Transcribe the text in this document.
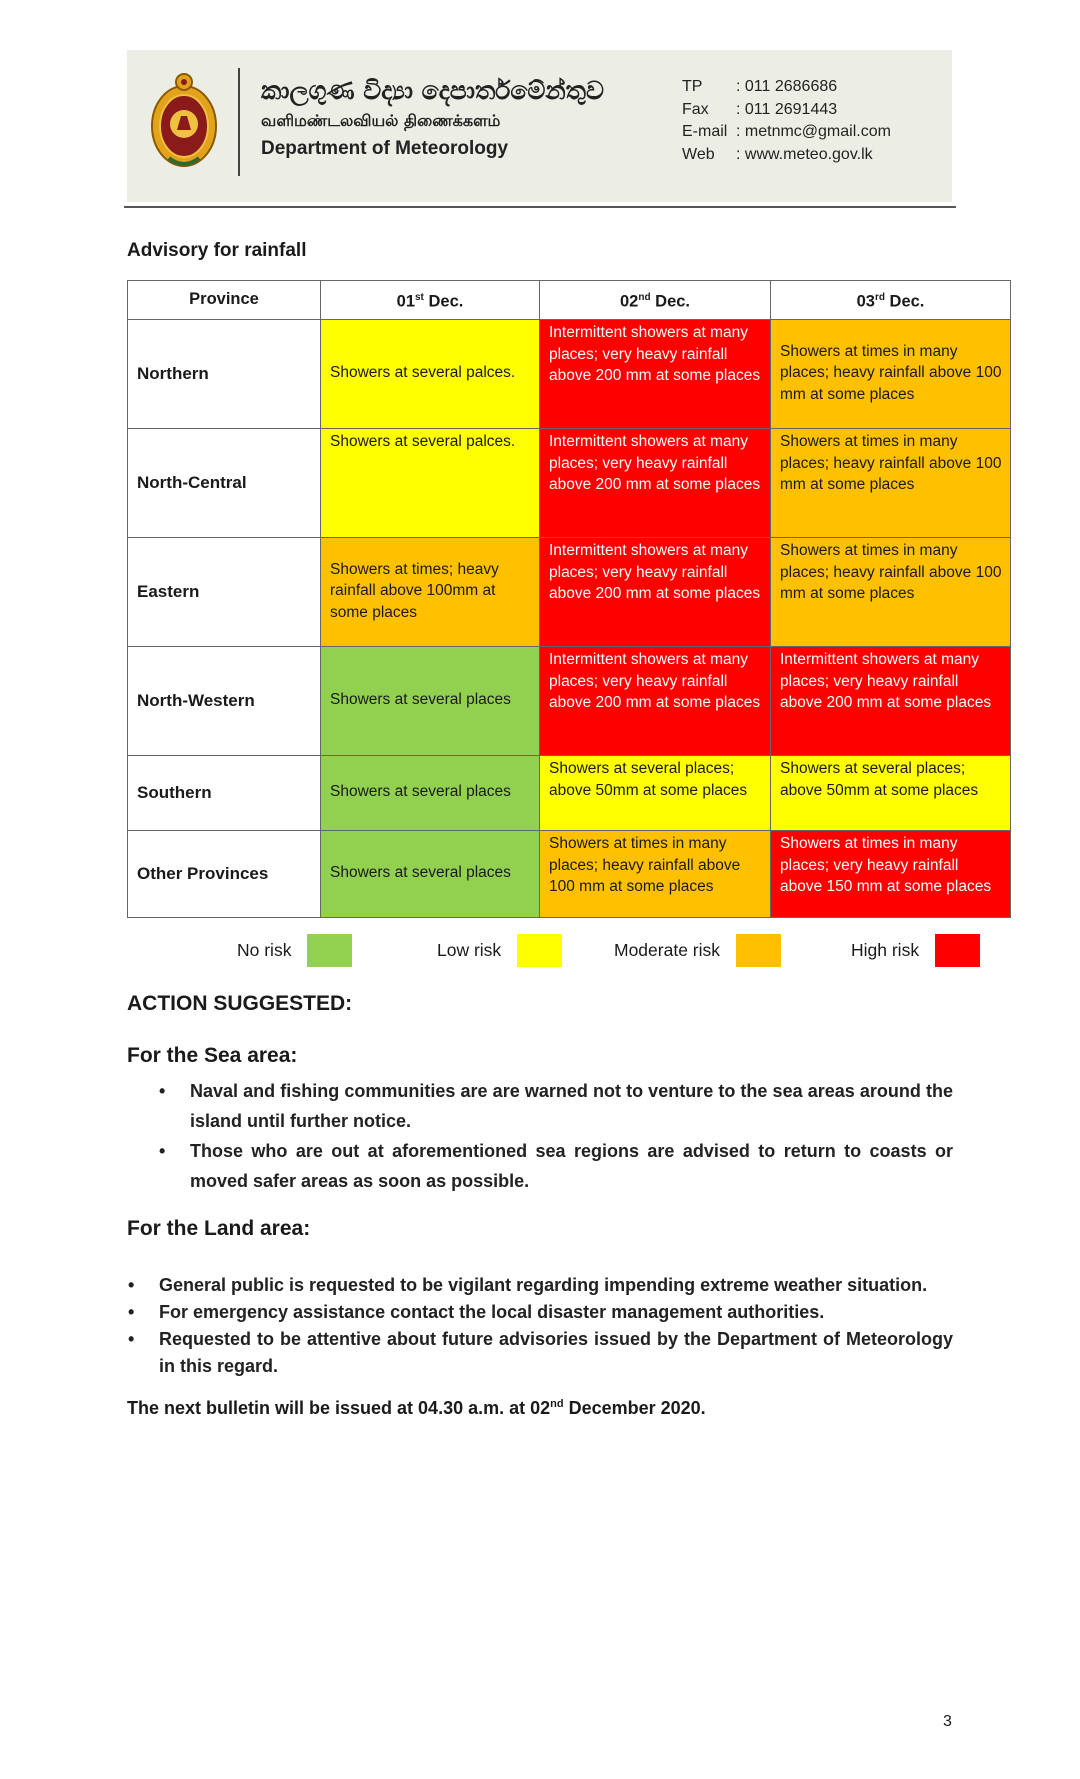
කාලගුණ විද්‍යා දෙපාර්තමේන්තුව
வளிமண்டலவியல் திணைக்களம்
Department of Meteorology
TP : 011 2686686
Fax : 011 2691443
E-mail : metnmc@gmail.com
Web : www.meteo.gov.lk
Advisory for rainfall
Province	01st Dec.	02nd Dec.	03rd Dec.
Northern	Showers at several palces.	Intermittent showers at many places; very heavy rainfall above 200 mm at some places	Showers at times in many places; heavy rainfall above 100 mm at some places
North-Central	Showers at several palces.	Intermittent showers at many places; very heavy rainfall above 200 mm at some places	Showers at times in many places; heavy rainfall above 100 mm at some places
Eastern	Showers at times; heavy rainfall above 100mm at some places	Intermittent showers at many places; very heavy rainfall above 200 mm at some places	Showers at times in many places; heavy rainfall above 100 mm at some places
North-Western	Showers at several places	Intermittent showers at many places; very heavy rainfall above 200 mm at some places	Intermittent showers at many places; very heavy rainfall above 200 mm at some places
Southern	Showers at several places	Showers at several places; above 50mm at some places	Showers at several places; above 50mm at some places
Other Provinces	Showers at several places	Showers at times in many places; heavy rainfall above 100 mm at some places	Showers at times in many places; very heavy rainfall above 150 mm at some places
No risk	Low risk	Moderate risk	High risk
ACTION SUGGESTED:
For the Sea area:
• Naval and fishing communities are are warned not to venture to the sea areas around the island until further notice.
• Those who are out at aforementioned sea regions are advised to return to coasts or moved safer areas as soon as possible.
For the Land area:
• General public is requested to be vigilant regarding impending extreme weather situation.
• For emergency assistance contact the local disaster management authorities.
• Requested to be attentive about future advisories issued by the Department of Meteorology in this regard.
The next bulletin will be issued at 04.30 a.m. at 02nd December 2020.
3
